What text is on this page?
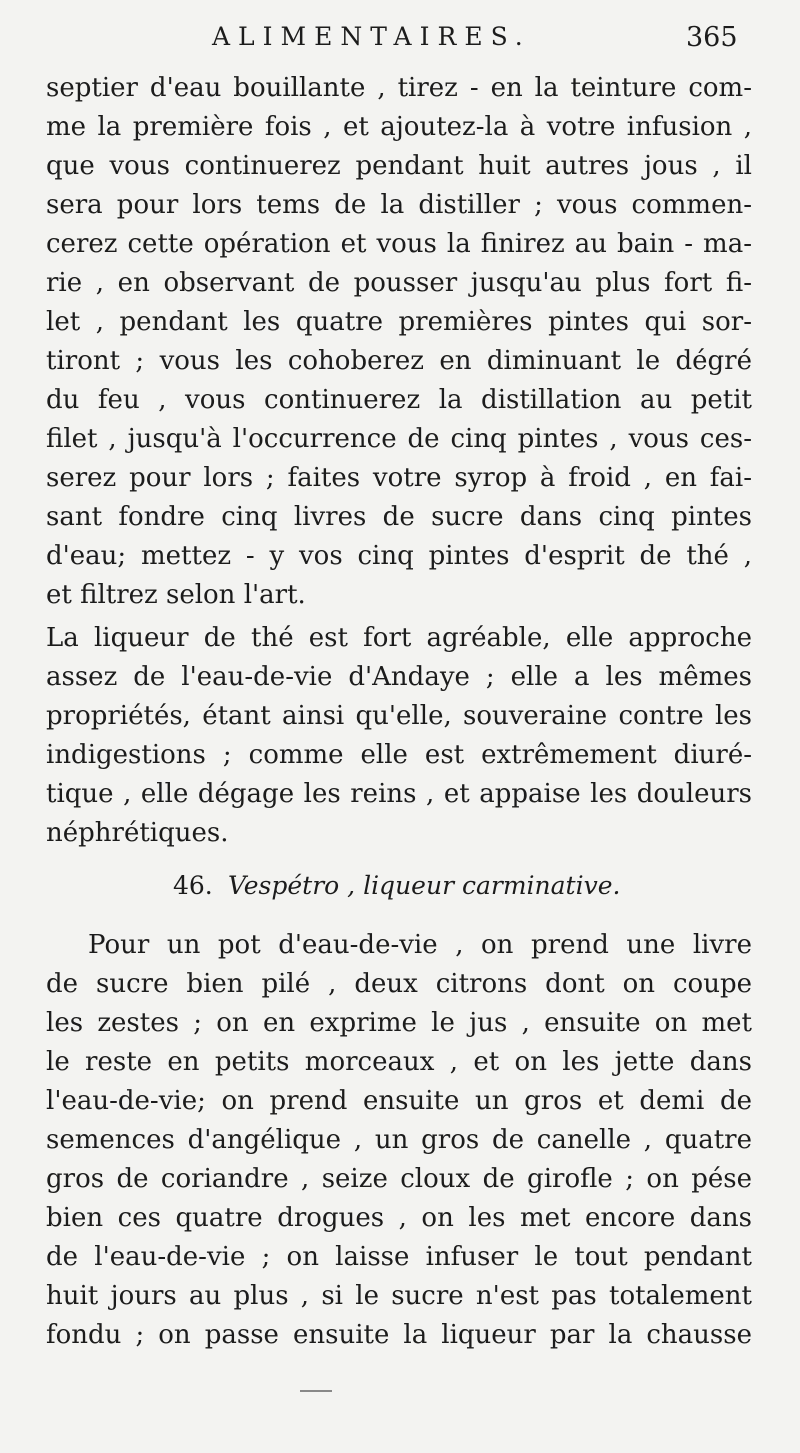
ALIMENTAIRES.	365
septier d'eau bouillante , tirez - en la teinture com-
me la première fois , et ajoutez-la à votre infusion ,
que vous continuerez pendant huit autres jous , il
sera pour lors tems de la distiller ; vous commen-
cerez cette opération et vous la finirez au bain - ma-
rie , en observant de pousser jusqu'au plus fort fi-
let , pendant les quatre premières pintes qui sor-
tiront ; vous les cohoberez en diminuant le dégré
du feu , vous continuerez la distillation au petit
filet , jusqu'à l'occurrence de cinq pintes , vous ces-
serez pour lors ; faites votre syrop à froid , en fai-
sant fondre cinq livres de sucre dans cinq pintes
d'eau; mettez - y vos cinq pintes d'esprit de thé ,
et filtrez selon l'art.
La liqueur de thé est fort agréable, elle approche
assez de l'eau-de-vie d'Andaye ; elle a les mêmes
propriétés, étant ainsi qu'elle, souveraine contre les
indigestions ; comme elle est extrêmement diuré-
tique , elle dégage les reins , et appaise les douleurs
néphrétiques.
46. Vespétro , liqueur carminative.
Pour un pot d'eau-de-vie , on prend une livre
de sucre bien pilé , deux citrons dont on coupe
les zestes ; on en exprime le jus , ensuite on met
le reste en petits morceaux , et on les jette dans
l'eau-de-vie; on prend ensuite un gros et demi de
semences d'angélique , un gros de canelle , quatre
gros de coriandre , seize cloux de girofle ; on pése
bien ces quatre drogues , on les met encore dans
de l'eau-de-vie ; on laisse infuser le tout pendant
huit jours au plus , si le sucre n'est pas totalement
fondu ; on passe ensuite la liqueur par la chausse
